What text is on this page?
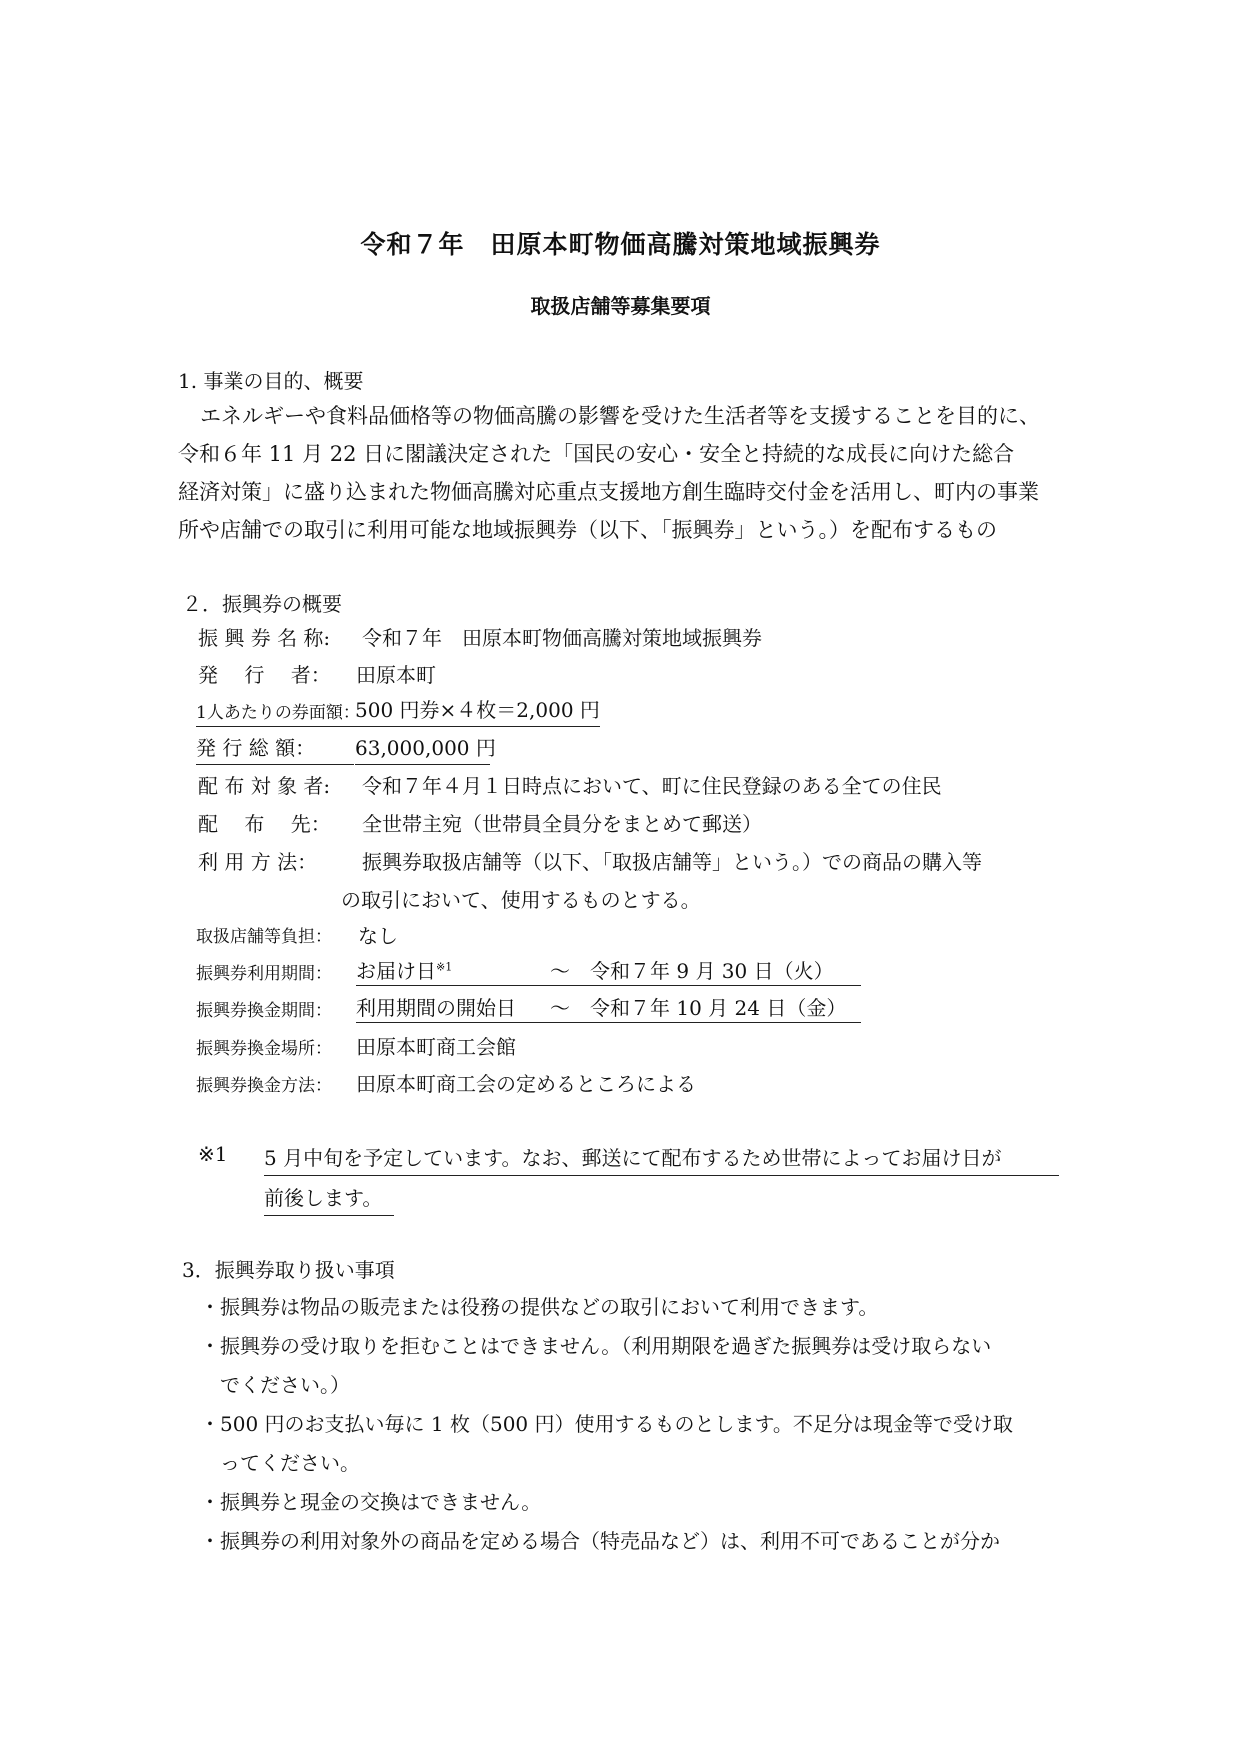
令和７年　田原本町物価高騰対策地域振興券
取扱店舗等募集要項
1. 事業の目的、概要
エネルギーや食料品価格等の物価高騰の影響を受けた生活者等を支援することを目的に、
令和６年 11 月 22 日に閣議決定された「国民の安心・安全と持続的な成長に向けた総合
経済対策」に盛り込まれた物価高騰対応重点支援地方創生臨時交付金を活用し、町内の事業
所や店舗での取引に利用可能な地域振興券（以下、「振興券」という。）を配布するもの
２．振興券の概要
振 興 券 名 称: 令和７年　田原本町物価高騰対策地域振興券
発　 行　 者： 田原本町
1人あたりの券面額：
500 円券×４枚＝2,000 円
発 行 総 額：	63,000,000 円
配 布 対 象 者: 令和７年４月１日時点において、町に住民登録のある全ての住民
配　 布　 先： 全世帯主宛（世帯員全員分をまとめて郵送）
利 用 方 法： 振興券取扱店舗等（以下、「取扱店舗等」という。）での商品の購入等
の取引において、使用するものとする。
取扱店舗等負担： なし
振興券利用期間： お届け日$^{※1}$	～　令和７年 9 月 30 日（火）
振興券換金期間： 利用期間の開始日 ～　令和７年 10 月 24 日（金）
振興券換金場所： 田原本町商工会館
振興券換金方法： 田原本町商工会の定めるところによる
※1 5 月中旬を予定しています。なお、郵送にて配布するため世帯によってお届け日が
前後します。
3．振興券取り扱い事項
・振興券は物品の販売または役務の提供などの取引において利用できます。
・振興券の受け取りを拒むことはできません。（利用期限を過ぎた振興券は受け取らない
　でください。）
・500 円のお支払い毎に 1 枚（500 円）使用するものとします。不足分は現金等で受け取
　ってください。
・振興券と現金の交換はできません。
・振興券の利用対象外の商品を定める場合（特売品など）は、利用不可であることが分か
